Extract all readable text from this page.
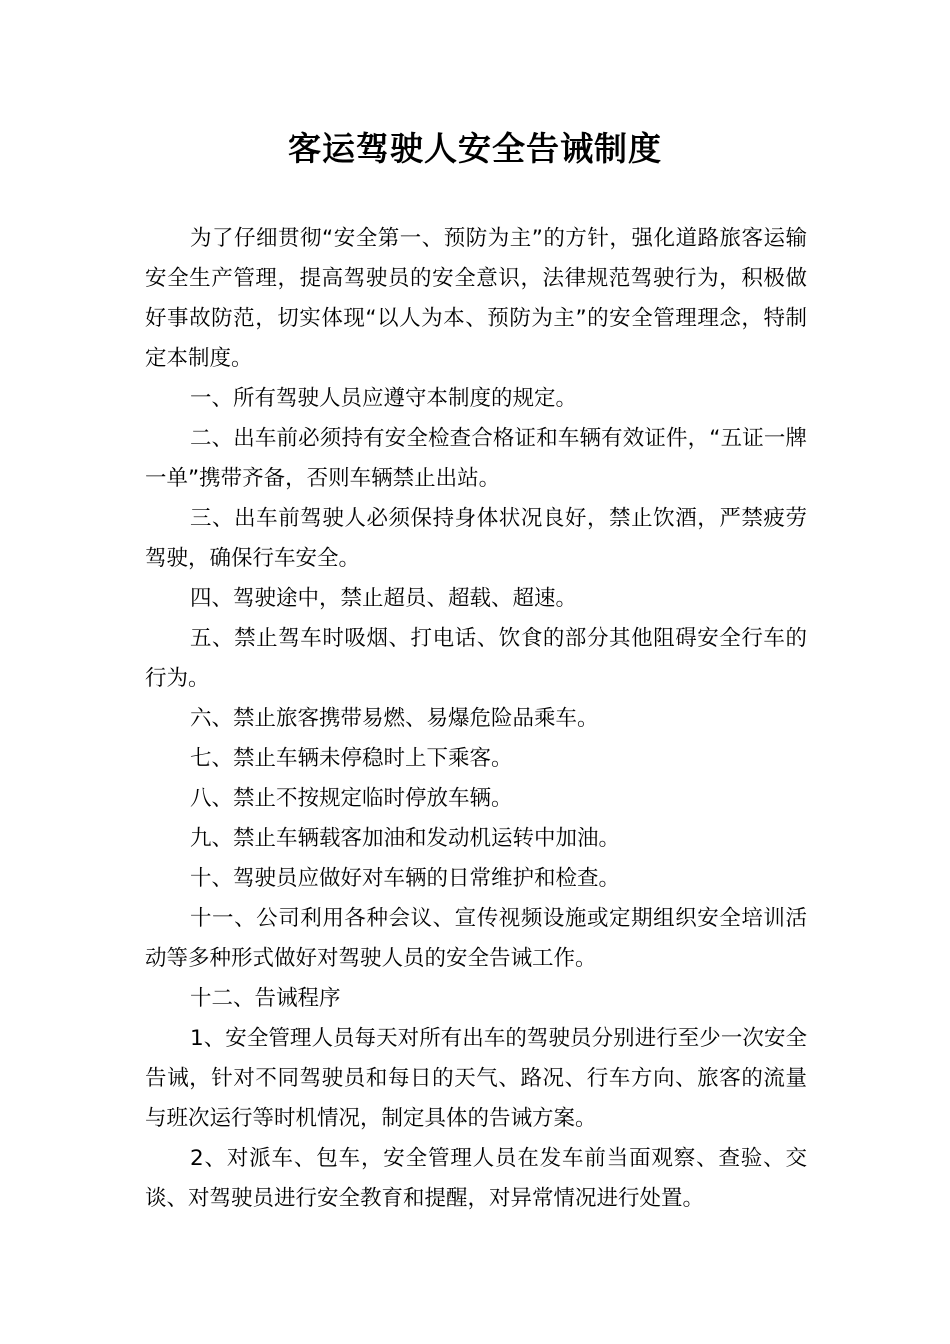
客运驾驶人安全告诫制度

为了仔细贯彻“安全第一、预防为主”的方针，强化道路旅客运输安全生产管理，提高驾驶员的安全意识，法律规范驾驶行为，积极做好事故防范，切实体现“以人为本、预防为主”的安全管理理念，特制定本制度。

一、所有驾驶人员应遵守本制度的规定。

二、出车前必须持有安全检查合格证和车辆有效证件，“五证一牌一单”携带齐备，否则车辆禁止出站。

三、出车前驾驶人必须保持身体状况良好，禁止饮酒，严禁疲劳驾驶，确保行车安全。

四、驾驶途中，禁止超员、超载、超速。

五、禁止驾车时吸烟、打电话、饮食的部分其他阻碍安全行车的行为。

六、禁止旅客携带易燃、易爆危险品乘车。

七、禁止车辆未停稳时上下乘客。

八、禁止不按规定临时停放车辆。

九、禁止车辆载客加油和发动机运转中加油。

十、驾驶员应做好对车辆的日常维护和检查。

十一、公司利用各种会议、宣传视频设施或定期组织安全培训活动等多种形式做好对驾驶人员的安全告诫工作。

十二、告诫程序

1、安全管理人员每天对所有出车的驾驶员分别进行至少一次安全告诫，针对不同驾驶员和每日的天气、路况、行车方向、旅客的流量与班次运行等时机情况，制定具体的告诫方案。

2、对派车、包车，安全管理人员在发车前当面观察、查验、交谈、对驾驶员进行安全教育和提醒，对异常情况进行处置。
